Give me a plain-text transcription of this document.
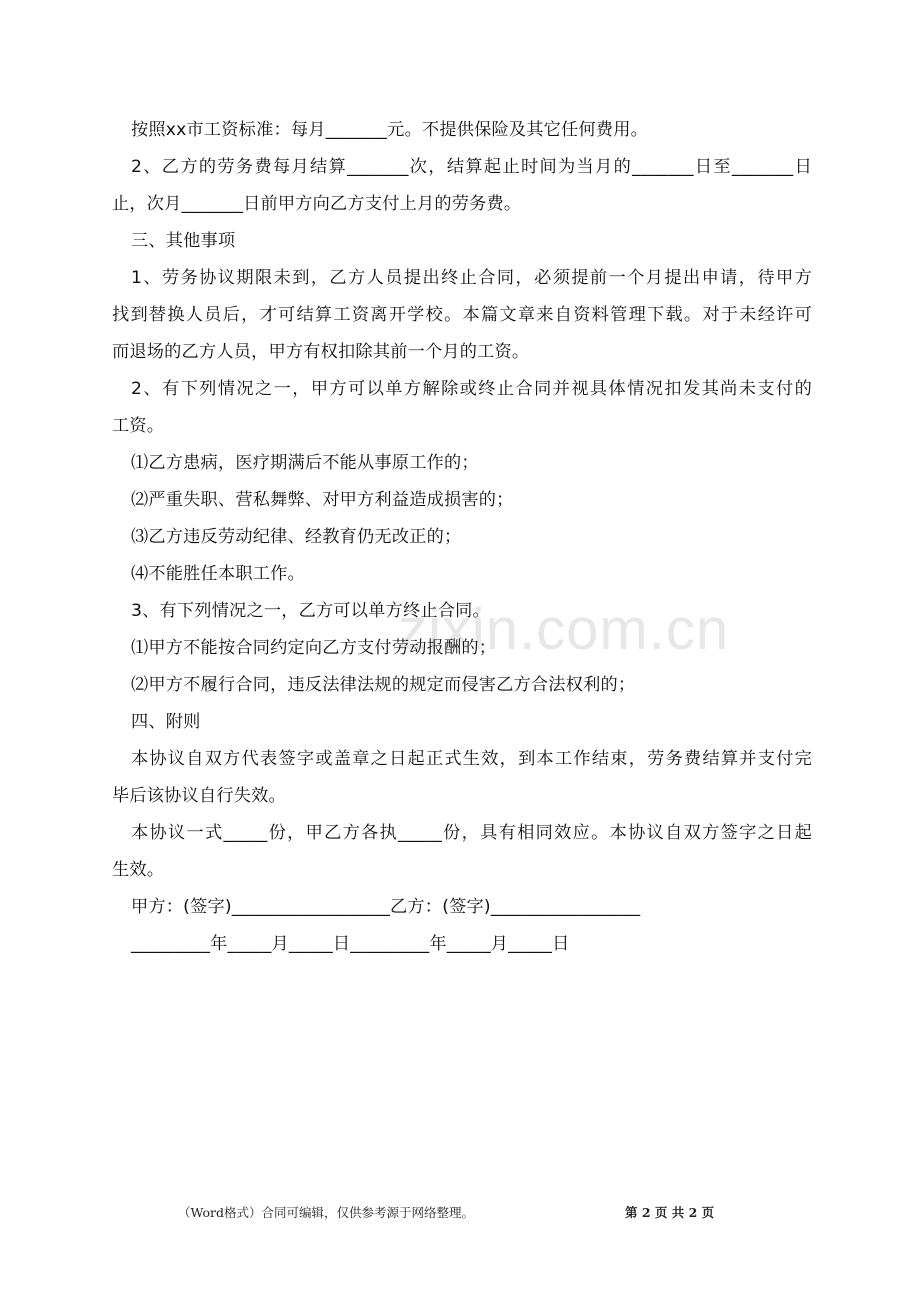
zixin.com.cn
按照xx市工资标准：每月_______元。不提供保险及其它任何费用。
2、乙方的劳务费每月结算_______次，结算起止时间为当月的_______日至_______日
止，次月_______日前甲方向乙方支付上月的劳务费。
三、其他事项
1、劳务协议期限未到，乙方人员提出终止合同，必须提前一个月提出申请，待甲方
找到替换人员后，才可结算工资离开学校。本篇文章来自资料管理下载。对于未经许可
而退场的乙方人员，甲方有权扣除其前一个月的工资。
2、有下列情况之一，甲方可以单方解除或终止合同并视具体情况扣发其尚未支付的
工资。
⑴乙方患病，医疗期满后不能从事原工作的；
⑵严重失职、营私舞弊、对甲方利益造成损害的；
⑶乙方违反劳动纪律、经教育仍无改正的；
⑷不能胜任本职工作。
3、有下列情况之一，乙方可以单方终止合同。
⑴甲方不能按合同约定向乙方支付劳动报酬的；
⑵甲方不履行合同，违反法律法规的规定而侵害乙方合法权利的；
四、附则
本协议自双方代表签字或盖章之日起正式生效，到本工作结束，劳务费结算并支付完
毕后该协议自行失效。
本协议一式_____份，甲乙方各执_____份，具有相同效应。本协议自双方签字之日起
生效。
甲方：(签字)__________________乙方：(签字)_________________
_________年_____月_____日_________年_____月_____日
（Word格式）合同可编辑，仅供参考源于网络整理。	第 2 页 共 2 页
